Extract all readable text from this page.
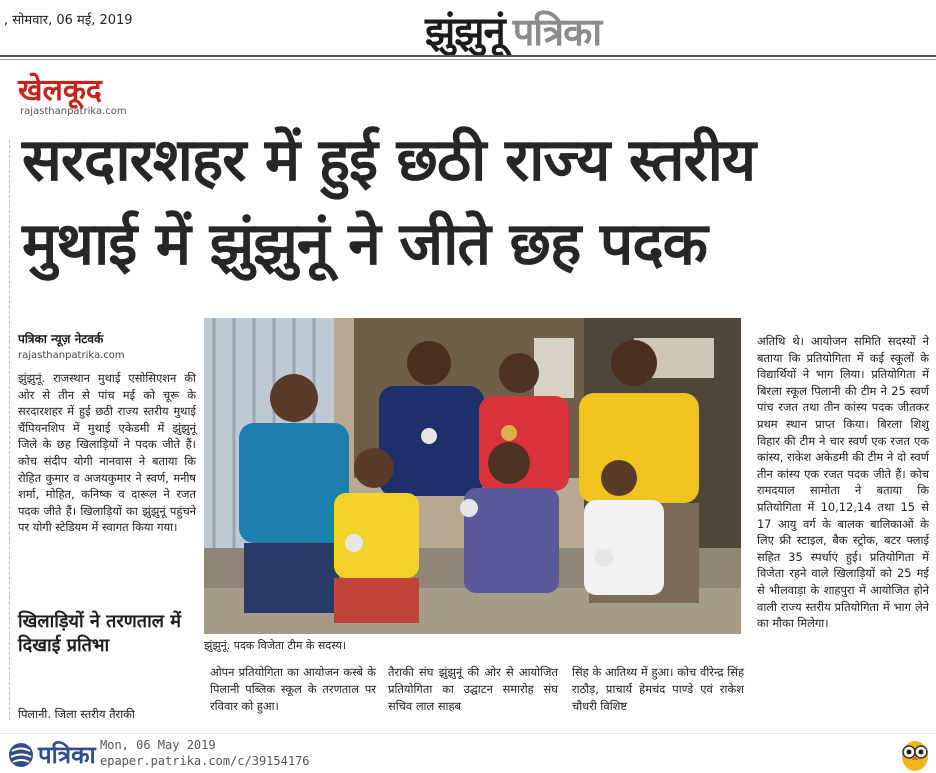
, सोमवार, 06 मई, 2019	झुंझुनूं पत्रिका
खेलकूद
rajasthanpatrika.com
सरदारशहर में हुई छठी राज्य स्तरीय
मुथाई में झुंझुनूं ने जीते छह पदक
पत्रिका न्यूज़ नेटवर्क
rajasthanpatrika.com
झुंझुनूं. राजस्थान मुथाई एसोसिएशन की ओर से तीन से पांच मई को चूरू के सरदारशहर में हुई छठी राज्य स्तरीय मुथाई चैंपियनशिप में मुथाई एकेडमी में झुंझुनूं जिले के छह खिलाड़ियों ने पदक जीते हैं। कोच संदीप योगी नानवास ने बताया कि रोहित कुमार व अजयकुमार ने स्वर्ण, मनीष शर्मा, मोहित, कनिष्क व दारूल ने रजत पदक जीते हैं। खिलाड़ियों का झुंझुनूं पहुंचने पर योगी स्टेडियम में स्वागत किया गया।
खिलाड़ियों ने तरणताल में दिखाई प्रतिभा
पिलानी. जिला स्तरीय तैराकी
झुंझुनूं. पदक विजेता टीम के सदस्य।
अतिथि थे। आयोजन समिति सदस्यों ने बताया कि प्रतियोगिता में कई स्कूलों के विद्यार्थियों ने भाग लिया। प्रतियोगिता में बिरला स्कूल पिलानी की टीम ने 25 स्वर्ण पांच रजत तथा तीन कांस्य पदक जीतकर प्रथम स्थान प्राप्त किया। बिरला शिशु विहार की टीम ने चार स्वर्ण एक रजत एक कांस्य, राकेश अकेडमी की टीम ने दो स्वर्ण तीन कांस्य एक रजत पदक जीते हैं। कोच रामदयाल सामोता ने बताया कि प्रतियोगिता में 10,12,14 तथा 15 से 17 आयु वर्ग के बालक बालिकाओं के लिए फ्री स्टाइल, बैक स्ट्रोक, बटर फ्लाई सहित 35 स्पर्धाएं हुई। प्रतियोगिता में विजेता रहने वाले खिलाड़ियों को 25 मई से भीलवाड़ा के शाहपुरा में आयोजित होने वाली राज्य स्तरीय प्रतियोगिता में भाग लेने का मौका मिलेगा।
ओपन प्रतियोगिता का आयोजन कस्बे के पिलानी पब्लिक स्कूल के तरणताल पर रविवार को हुआ।
तैराकी संघ झुंझुनूं की ओर से आयोजित प्रतियोगिता का उद्घाटन समारोह संघ सचिव लाल साहब
सिंह के आतिथ्य में हुआ। कोच वीरेन्द्र सिंह राठौड़, प्राचार्य हेमचंद पाण्डे एवं राकेश चौधरी विशिष्ट
पत्रिका Mon, 06 May 2019
epaper.patrika.com/c/39154176
